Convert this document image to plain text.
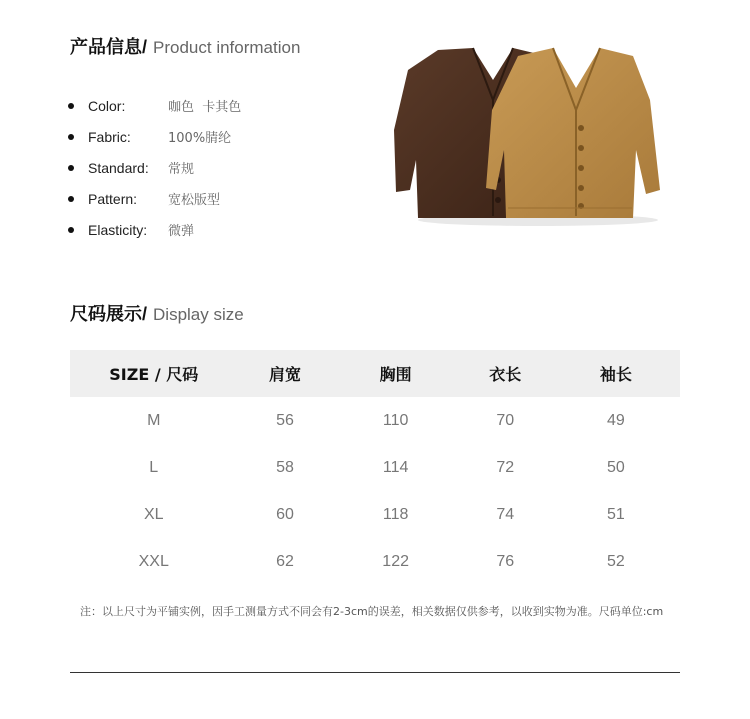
产品信息 / Product information
Color:	咖色  卡其色
Fabric:	100%腈纶
Standard:	常规
Pattern:	宽松版型
Elasticity:	微弹
尺码展示 / Display size
SIZE / 尺码	肩宽	胸围	衣长	袖长
M	56	110	70	49
L	58	114	72	50
XL	60	118	74	51
XXL	62	122	76	52
注：以上尺寸为平铺实例，因手工测量方式不同会有2-3cm的误差，相关数据仅供参考，以收到实物为准。尺码单位:cm
